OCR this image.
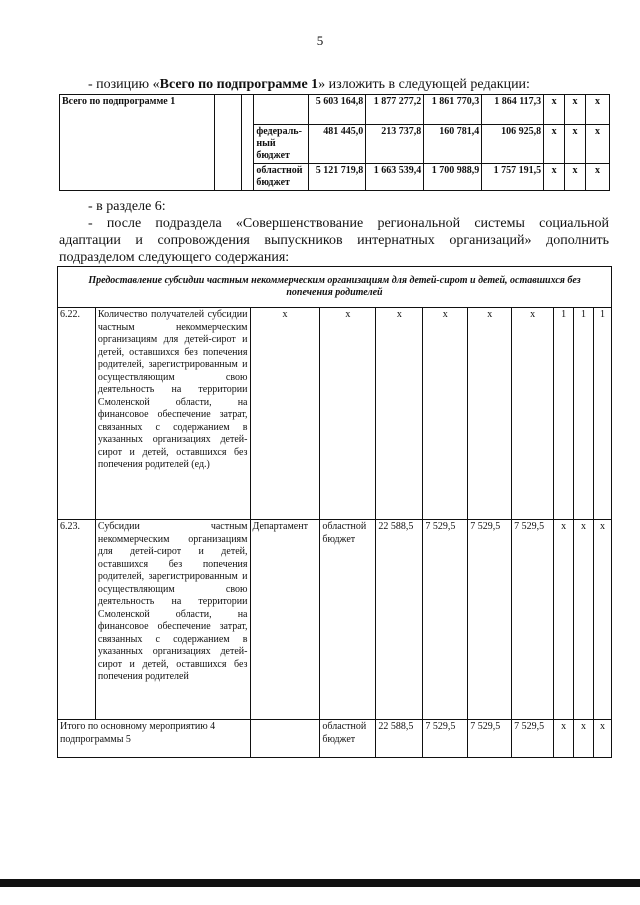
5
- позицию «Всего по подпрограмме 1» изложить в следующей редакции:
Всего по подпрограмме 1				5 603 164,8	1 877 277,2	1 861 770,3	1 864 117,3	x	x	x
			федераль-ный бюджет	481 445,0	213 737,8	160 781,4	106 925,8	x	x	x
			областной бюджет	5 121 719,8	1 663 539,4	1 700 988,9	1 757 191,5	x	x	x
- в разделе 6:
- после подраздела «Совершенствование региональной системы социальной адаптации и сопровождения выпускников интернатных организаций» дополнить подразделом следующего содержания:
Предоставление субсидии частным некоммерческим организациям для детей-сирот и детей, оставшихся без попечения родителей										
6.22.	Количество получателей субсидии частным некоммерческим организациям для детей-сирот и детей, оставшихся без попечения родителей, зарегистрированным и осуществляющим свою деятельность на территории Смоленской области, на финансовое обеспечение затрат, связанных с содержанием в указанных организациях детей-сирот и детей, оставшихся без попечения родителей (ед.)	x	x	x	x	x	x	1	1	1
6.23.	Субсидии частным некоммерческим организациям для детей-сирот и детей, оставшихся без попечения родителей, зарегистрированным и осуществляющим свою деятельность на территории Смоленской области, на финансовое обеспечение затрат, связанных с содержанием в указанных организациях детей-сирот и детей, оставшихся без попечения родителей	Департамент	областной бюджет	22 588,5	7 529,5	7 529,5	7 529,5	x	x	x
Итого по основному мероприятию 4 подпрограммы 5			областной бюджет	22 588,5	7 529,5	7 529,5	7 529,5	x	x	x
